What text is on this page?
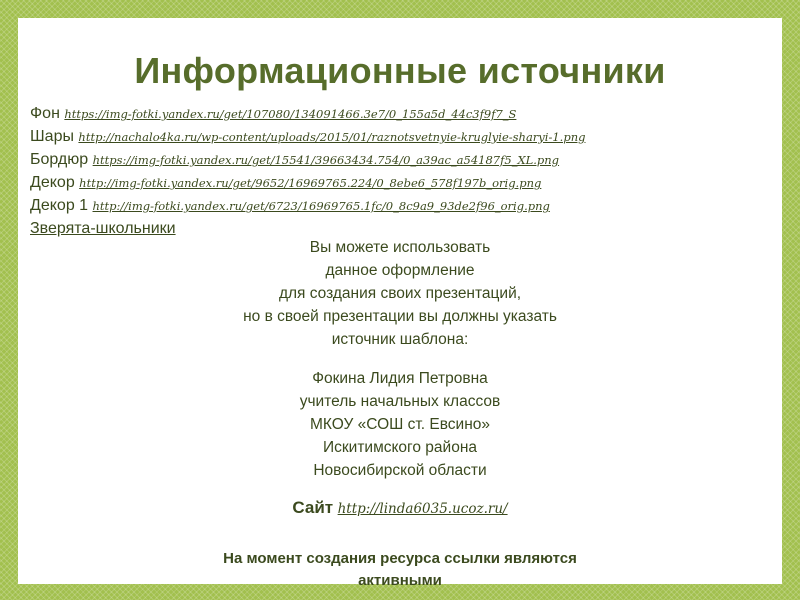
Информационные источники
Фон https://img-fotki.yandex.ru/get/107080/134091466.3e7/0_155a5d_44c3f9f7_S
Шары http://nachalo4ka.ru/wp-content/uploads/2015/01/raznotsvetnyie-kruglyie-sharyi-1.png
Бордюр https://img-fotki.yandex.ru/get/15541/39663434.754/0_a39ac_a54187f5_XL.png
Декор http://img-fotki.yandex.ru/get/9652/16969765.224/0_8ebe6_578f197b_orig.png
Декор 1 http://img-fotki.yandex.ru/get/6723/16969765.1fc/0_8c9a9_93de2f96_orig.png
Зверята-школьники
Вы можете использовать
данное оформление
для создания своих презентаций,
но в своей презентации вы должны указать
источник шаблона:
Фокина Лидия Петровна
учитель начальных классов
МКОУ «СОШ ст. Евсино»
Искитимского района
Новосибирской области
Сайт http://linda6035.ucoz.ru/
На момент создания ресурса ссылки являются
активными
